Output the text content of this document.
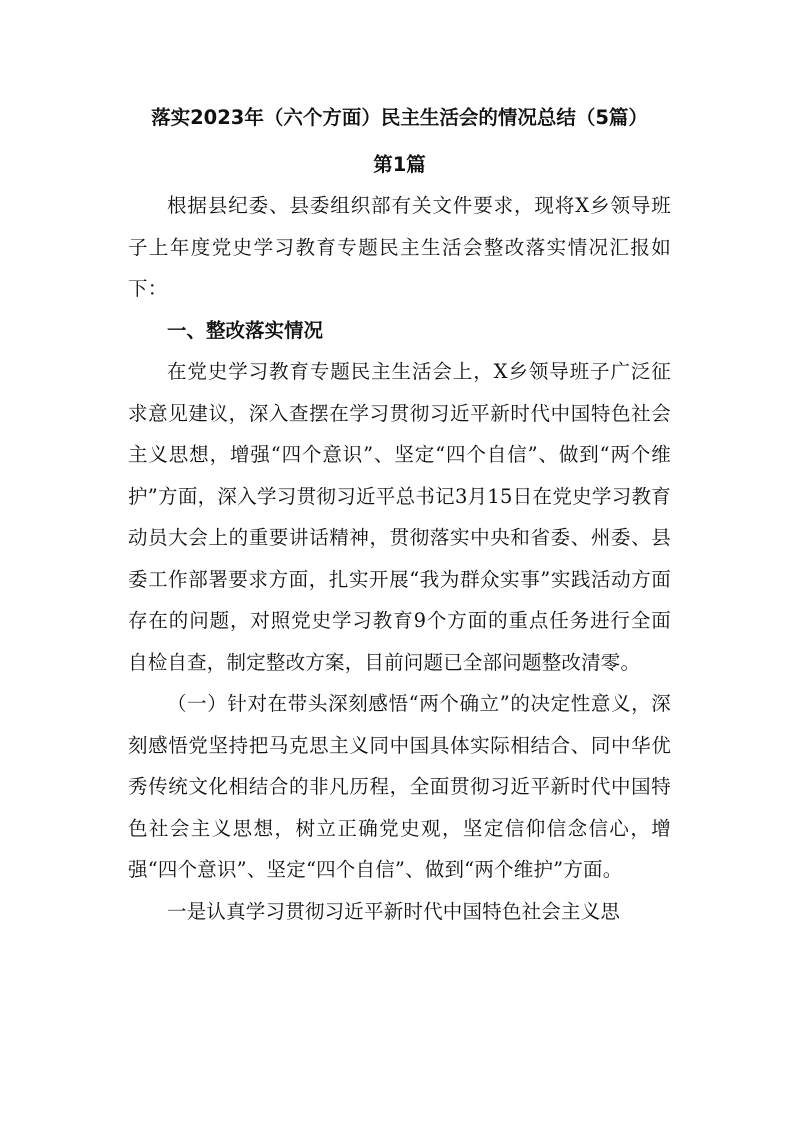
落实2023年（六个方面）民主生活会的情况总结（5篇）
第1篇

根据县纪委、县委组织部有关文件要求，现将X乡领导班子上年度党史学习教育专题民主生活会整改落实情况汇报如下：

一、整改落实情况

在党史学习教育专题民主生活会上，X乡领导班子广泛征求意见建议，深入查摆在学习贯彻习近平新时代中国特色社会主义思想，增强“四个意识”、坚定“四个自信”、做到“两个维护”方面，深入学习贯彻习近平总书记3月15日在党史学习教育动员大会上的重要讲话精神，贯彻落实中央和省委、州委、县委工作部署要求方面，扎实开展“我为群众实事”实践活动方面存在的问题，对照党史学习教育9个方面的重点任务进行全面自检自查，制定整改方案，目前问题已全部问题整改清零。

（一）针对在带头深刻感悟“两个确立”的决定性意义，深刻感悟党坚持把马克思主义同中国具体实际相结合、同中华优秀传统文化相结合的非凡历程，全面贯彻习近平新时代中国特色社会主义思想，树立正确党史观，坚定信仰信念信心，增强“四个意识”、坚定“四个自信”、做到“两个维护”方面。

一是认真学习贯彻习近平新时代中国特色社会主义思
